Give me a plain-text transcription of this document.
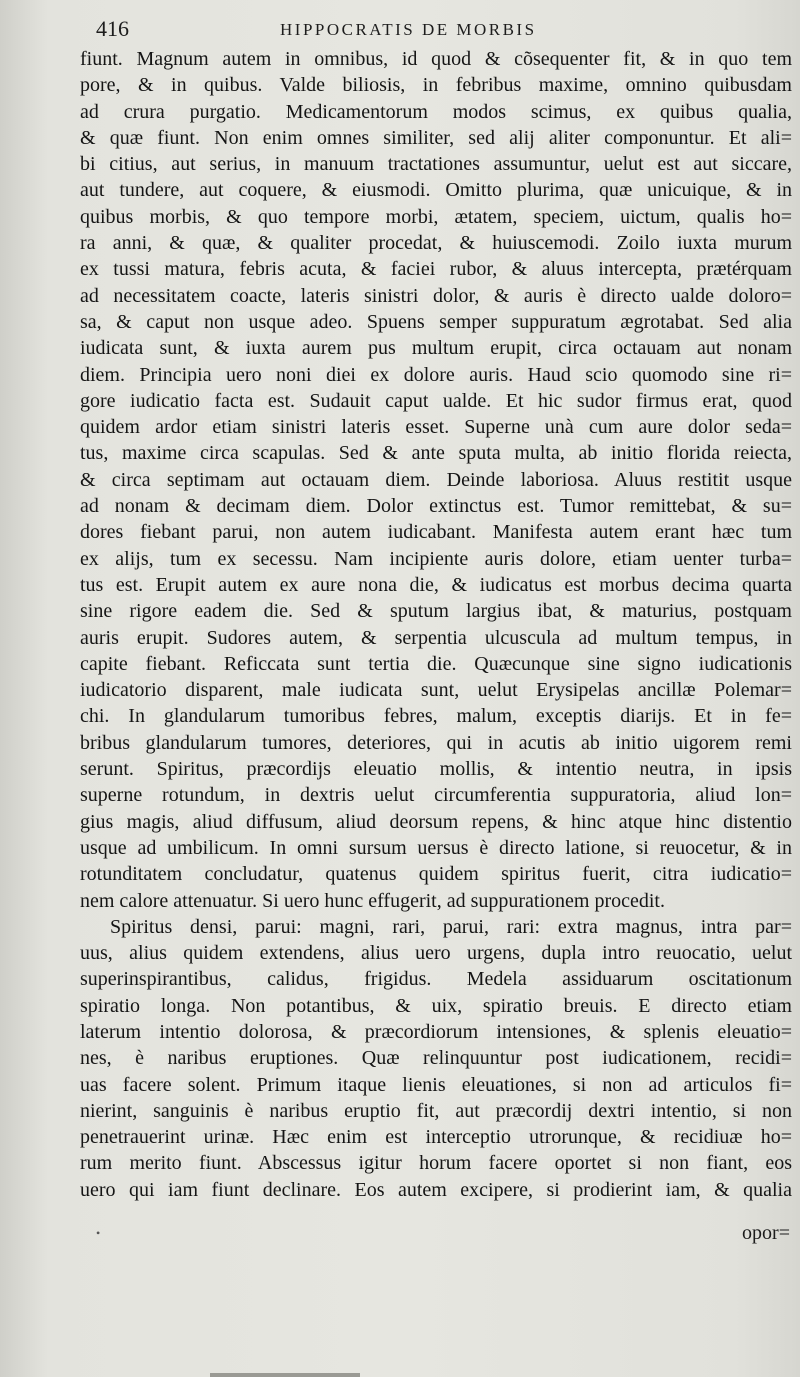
416	HIPPOCRATIS DE MORBIS
fiunt. Magnum autem in omnibus, id quod & cõsequenter fit, & in quo tem
pore, & in quibus. Valde biliosis, in febribus maxime, omnino quibusdam
ad crura purgatio. Medicamentorum modos scimus, ex quibus qualia,
& quæ fiunt. Non enim omnes similiter, sed alij aliter componuntur. Et ali=
bi citius, aut serius, in manuum tractationes assumuntur, uelut est aut siccare,
aut tundere, aut coquere, & eiusmodi. Omitto plurima, quæ unicuique, & in
quibus morbis, & quo tempore morbi, ætatem, speciem, uictum, qualis ho=
ra anni, & quæ, & qualiter procedat, & huiuscemodi. Zoilo iuxta murum
ex tussi matura, febris acuta, & faciei rubor, & aluus intercepta, prætérquam
ad necessitatem coacte, lateris sinistri dolor, & auris è directo ualde doloro=
sa, & caput non usque adeo. Spuens semper suppuratum ægrotabat. Sed alia
iudicata sunt, & iuxta aurem pus multum erupit, circa octauam aut nonam
diem. Principia uero noni diei ex dolore auris. Haud scio quomodo sine ri=
gore iudicatio facta est. Sudauit caput ualde. Et hic sudor firmus erat, quod
quidem ardor etiam sinistri lateris esset. Superne unà cum aure dolor seda=
tus, maxime circa scapulas. Sed & ante sputa multa, ab initio florida reiecta,
& circa septimam aut octauam diem. Deinde laboriosa. Aluus restitit usque
ad nonam & decimam diem. Dolor extinctus est. Tumor remittebat, & su=
dores fiebant parui, non autem iudicabant. Manifesta autem erant hæc tum
ex alijs, tum ex secessu. Nam incipiente auris dolore, etiam uenter turba=
tus est. Erupit autem ex aure nona die, & iudicatus est morbus decima quarta
sine rigore eadem die. Sed & sputum largius ibat, & maturius, postquam
auris erupit. Sudores autem, & serpentia ulcuscula ad multum tempus, in
capite fiebant. Reficcata sunt tertia die. Quæcunque sine signo iudicationis
iudicatorio disparent, male iudicata sunt, uelut Erysipelas ancillæ Polemar=
chi. In glandularum tumoribus febres, malum, exceptis diarijs. Et in fe=
bribus glandularum tumores, deteriores, qui in acutis ab initio uigorem remi
serunt. Spiritus, præcordijs eleuatio mollis, & intentio neutra, in ipsis
superne rotundum, in dextris uelut circumferentia suppuratoria, aliud lon=
gius magis, aliud diffusum, aliud deorsum repens, & hinc atque hinc distentio
usque ad umbilicum. In omni sursum uersus è directo latione, si reuocetur, & in
rotunditatem concludatur, quatenus quidem spiritus fuerit, citra iudicatio=
nem calore attenuatur. Si uero hunc effugerit, ad suppurationem procedit.
Spiritus densi, parui: magni, rari, parui, rari: extra magnus, intra par=
uus, alius quidem extendens, alius uero urgens, dupla intro reuocatio, uelut
superinspirantibus, calidus, frigidus. Medela assiduarum oscitationum
spiratio longa. Non potantibus, & uix, spiratio breuis. E directo etiam
laterum intentio dolorosa, & præcordiorum intensiones, & splenis eleuatio=
nes, è naribus eruptiones. Quæ relinquuntur post iudicationem, recidi=
uas facere solent. Primum itaque lienis eleuationes, si non ad articulos fi=
nierint, sanguinis è naribus eruptio fit, aut præcordij dextri intentio, si non
penetrauerint urinæ. Hæc enim est interceptio utrorunque, & recidiuæ ho=
rum merito fiunt. Abscessus igitur horum facere oportet si non fiant, eos
uero qui iam fiunt declinare. Eos autem excipere, si prodierint iam, & qualia
•	opor=
